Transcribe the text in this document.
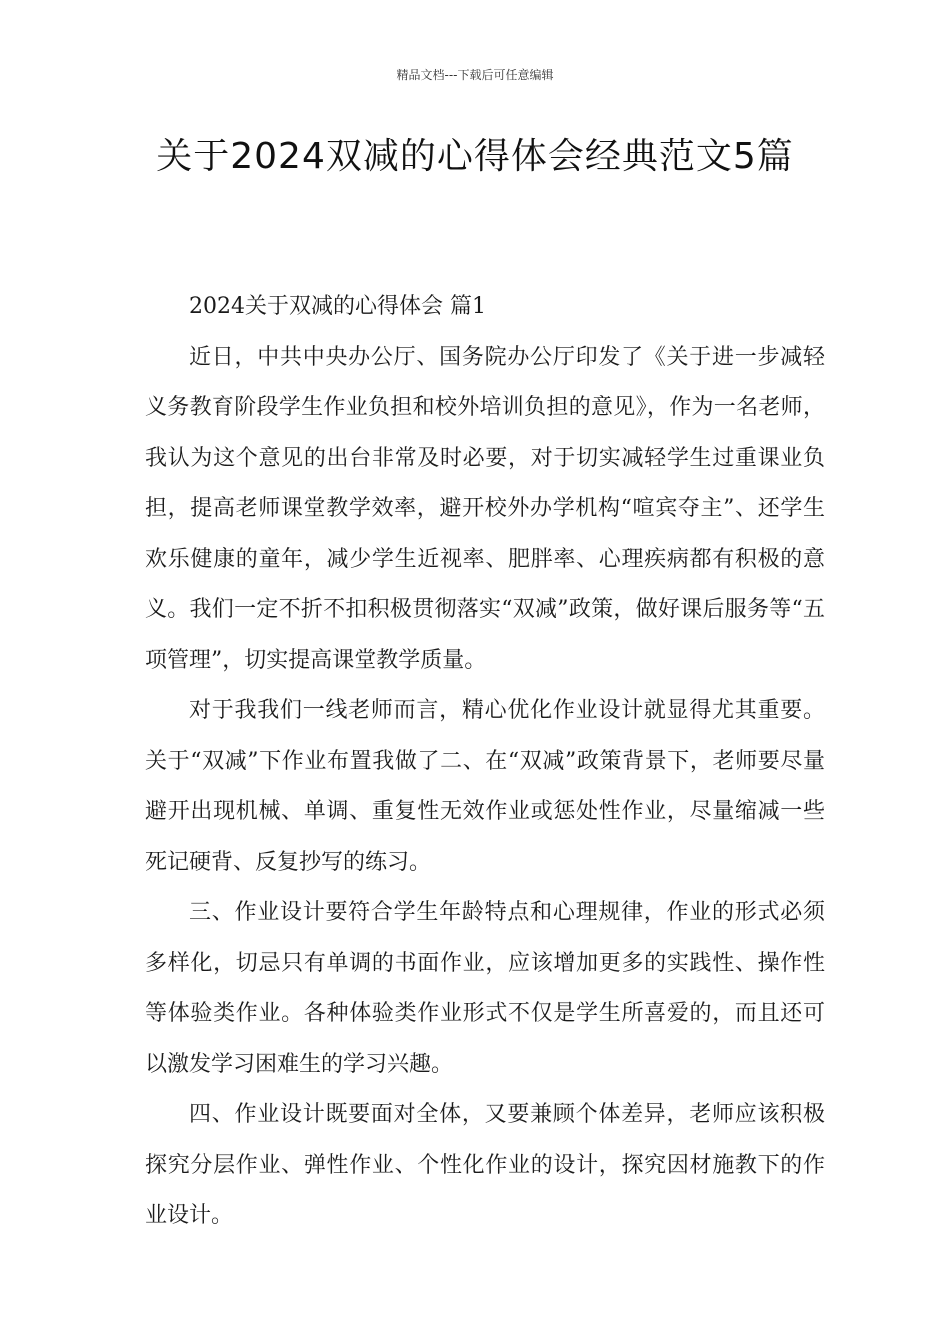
精品文档---下载后可任意编辑
关于2024双减的心得体会经典范文5篇

2024关于双减的心得体会 篇1

近日，中共中央办公厅、国务院办公厅印发了《关于进一步减轻义务教育阶段学生作业负担和校外培训负担的意见》，作为一名老师，我认为这个意见的出台非常及时必要，对于切实减轻学生过重课业负担，提高老师课堂教学效率，避开校外办学机构“喧宾夺主”、还学生欢乐健康的童年，减少学生近视率、肥胖率、心理疾病都有积极的意义。我们一定不折不扣积极贯彻落实“双减”政策，做好课后服务等“五项管理”，切实提高课堂教学质量。

对于我我们一线老师而言，精心优化作业设计就显得尤其重要。关于“双减”下作业布置我做了二、在“双减”政策背景下，老师要尽量避开出现机械、单调、重复性无效作业或惩处性作业，尽量缩减一些死记硬背、反复抄写的练习。

三、作业设计要符合学生年龄特点和心理规律，作业的形式必须多样化，切忌只有单调的书面作业，应该增加更多的实践性、操作性等体验类作业。各种体验类作业形式不仅是学生所喜爱的，而且还可以激发学习困难生的学习兴趣。

四、作业设计既要面对全体，又要兼顾个体差异，老师应该积极探究分层作业、弹性作业、个性化作业的设计，探究因材施教下的作业设计。
